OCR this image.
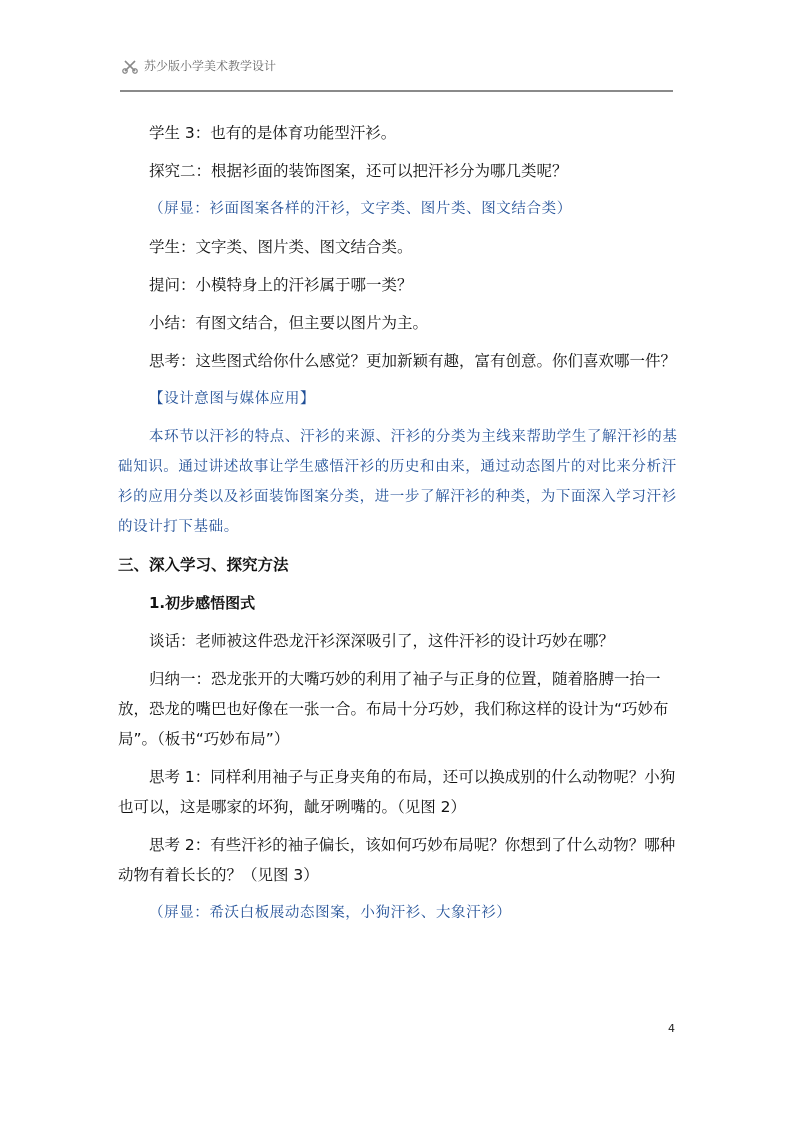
苏少版小学美术教学设计

学生 3：也有的是体育功能型汗衫。

探究二：根据衫面的装饰图案，还可以把汗衫分为哪几类呢？

（屏显：衫面图案各样的汗衫，文字类、图片类、图文结合类）

学生：文字类、图片类、图文结合类。

提问：小模特身上的汗衫属于哪一类？

小结：有图文结合，但主要以图片为主。

思考：这些图式给你什么感觉？更加新颖有趣，富有创意。你们喜欢哪一件？

【设计意图与媒体应用】

本环节以汗衫的特点、汗衫的来源、汗衫的分类为主线来帮助学生了解汗衫的基础知识。通过讲述故事让学生感悟汗衫的历史和由来，通过动态图片的对比来分析汗衫的应用分类以及衫面装饰图案分类，进一步了解汗衫的种类，为下面深入学习汗衫的设计打下基础。

三、深入学习、探究方法

1.初步感悟图式

谈话：老师被这件恐龙汗衫深深吸引了，这件汗衫的设计巧妙在哪？

归纳一：恐龙张开的大嘴巧妙的利用了袖子与正身的位置，随着胳膊一抬一放，恐龙的嘴巴也好像在一张一合。布局十分巧妙，我们称这样的设计为“巧妙布局”。（板书“巧妙布局”）

思考 1：同样利用袖子与正身夹角的布局，还可以换成别的什么动物呢？小狗也可以，这是哪家的坏狗，龇牙咧嘴的。（见图 2）

思考 2：有些汗衫的袖子偏长，该如何巧妙布局呢？你想到了什么动物？哪种动物有着长长的？（见图 3）

（屏显：希沃白板展动态图案，小狗汗衫、大象汗衫）

4
